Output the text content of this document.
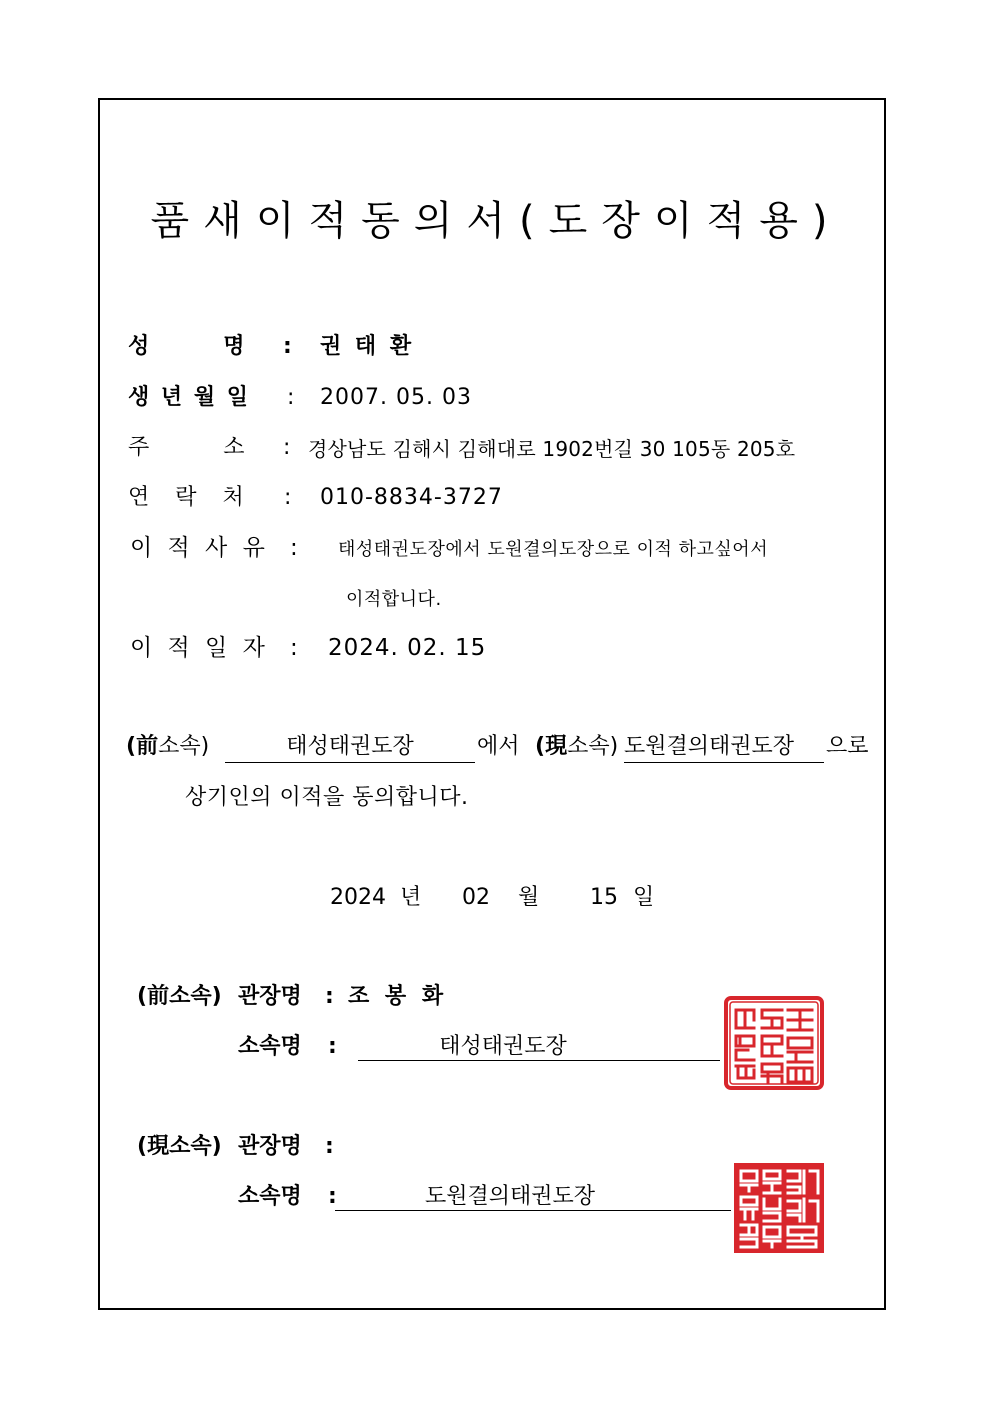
품새이적동의서(도장이적용)
성　　　명 : 권 태 환
생 년 월 일 : 2007. 05. 03
주　　　소 : 경상남도 김해시 김해대로 1902번길 30 105동 205호
연　락　처 : 010-8834-3727
이 적 사 유 : 태성태권도장에서 도원결의도장으로 이적 하고싶어서
이적합니다.
이 적 일 자 : 2024. 02. 15
(前소속)	태성태권도장	에서 (現소속) 도원결의태권도장 으로
상기인의 이적을 동의합니다.
2024 년 02 월 15 일
(前소속) 관장명 : 조 봉 화
소속명 :	태성태권도장
(現소속) 관장명 :
소속명 :	도원결의태권도장
